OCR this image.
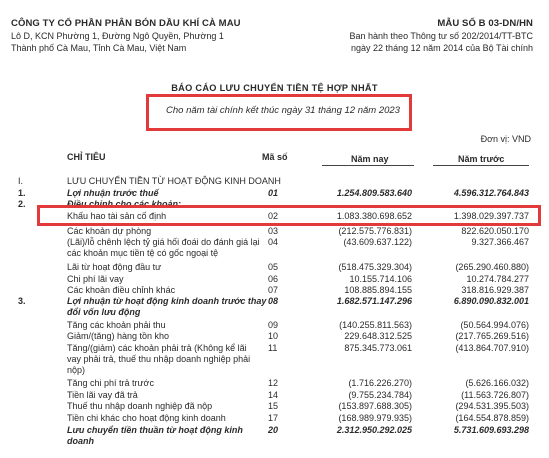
CÔNG TY CỔ PHẦN PHÂN BÓN DẦU KHÍ CÀ MAU
Lô D, KCN Phường 1, Đường Ngô Quyền, Phường 1
Thành phố Cà Mau, Tỉnh Cà Mau, Việt Nam
MẪU SỐ B 03-DN/HN
Ban hành theo Thông tư số 202/2014/TT-BTC
ngày 22 tháng 12 năm 2014 của Bộ Tài chính
BÁO CÁO LƯU CHUYỂN TIỀN TỆ HỢP NHẤT
Cho năm tài chính kết thúc ngày 31 tháng 12 năm 2023
Đơn vị: VND
CHỈ TIÊU	Mã số	Năm nay	Năm trước
I.	LƯU CHUYỂN TIỀN TỪ HOẠT ĐỘNG KINH DOANH
1.	Lợi nhuận trước thuế	01	1.254.809.583.640	4.596.312.764.843
2.	Điều chỉnh cho các khoản:
Khấu hao tài sản cố định	02	1.083.380.698.652	1.398.029.397.737
Các khoản dự phòng	03	(212.575.776.831)	822.620.050.170
(Lãi)/lỗ chênh lệch tỷ giá hối đoái do đánh giá lại
các khoản mục tiền tệ có gốc ngoại tệ
04	(43.609.637.122)	9.327.366.467
Lãi từ hoạt động đầu tư	05	(518.475.329.304)	(265.290.460.880)
Chi phí lãi vay	06	10.155.714.106	10.274.784.277
Các khoản điều chỉnh khác	07	108.885.894.155	318.816.929.387
3.	Lợi nhuận từ hoạt động kinh doanh trước thay
đổi vốn lưu động
08	1.682.571.147.296	6.890.090.832.001
Tăng các khoản phải thu	09	(140.255.811.563)	(50.564.994.076)
Giảm/(tăng) hàng tồn kho	10	229.648.312.525	(217.765.269.516)
Tăng/(giảm) các khoản phải trả (Không kể lãi
vay phải trả, thuế thu nhập doanh nghiệp phải
nộp)
11	875.345.773.061	(413.864.707.910)
Tăng chi phí trả trước	12	(1.716.226.270)	(5.626.166.032)
Tiền lãi vay đã trả	14	(9.755.234.784)	(11.563.726.807)
Thuế thu nhập doanh nghiệp đã nộp	15	(153.897.688.305)	(294.531.395.503)
Tiền chi khác cho hoạt động kinh doanh	17	(168.989.979.935)	(164.554.878.859)
Lưu chuyển tiền thuần từ hoạt động kinh
doanh
20	2.312.950.292.025	5.731.609.693.298
